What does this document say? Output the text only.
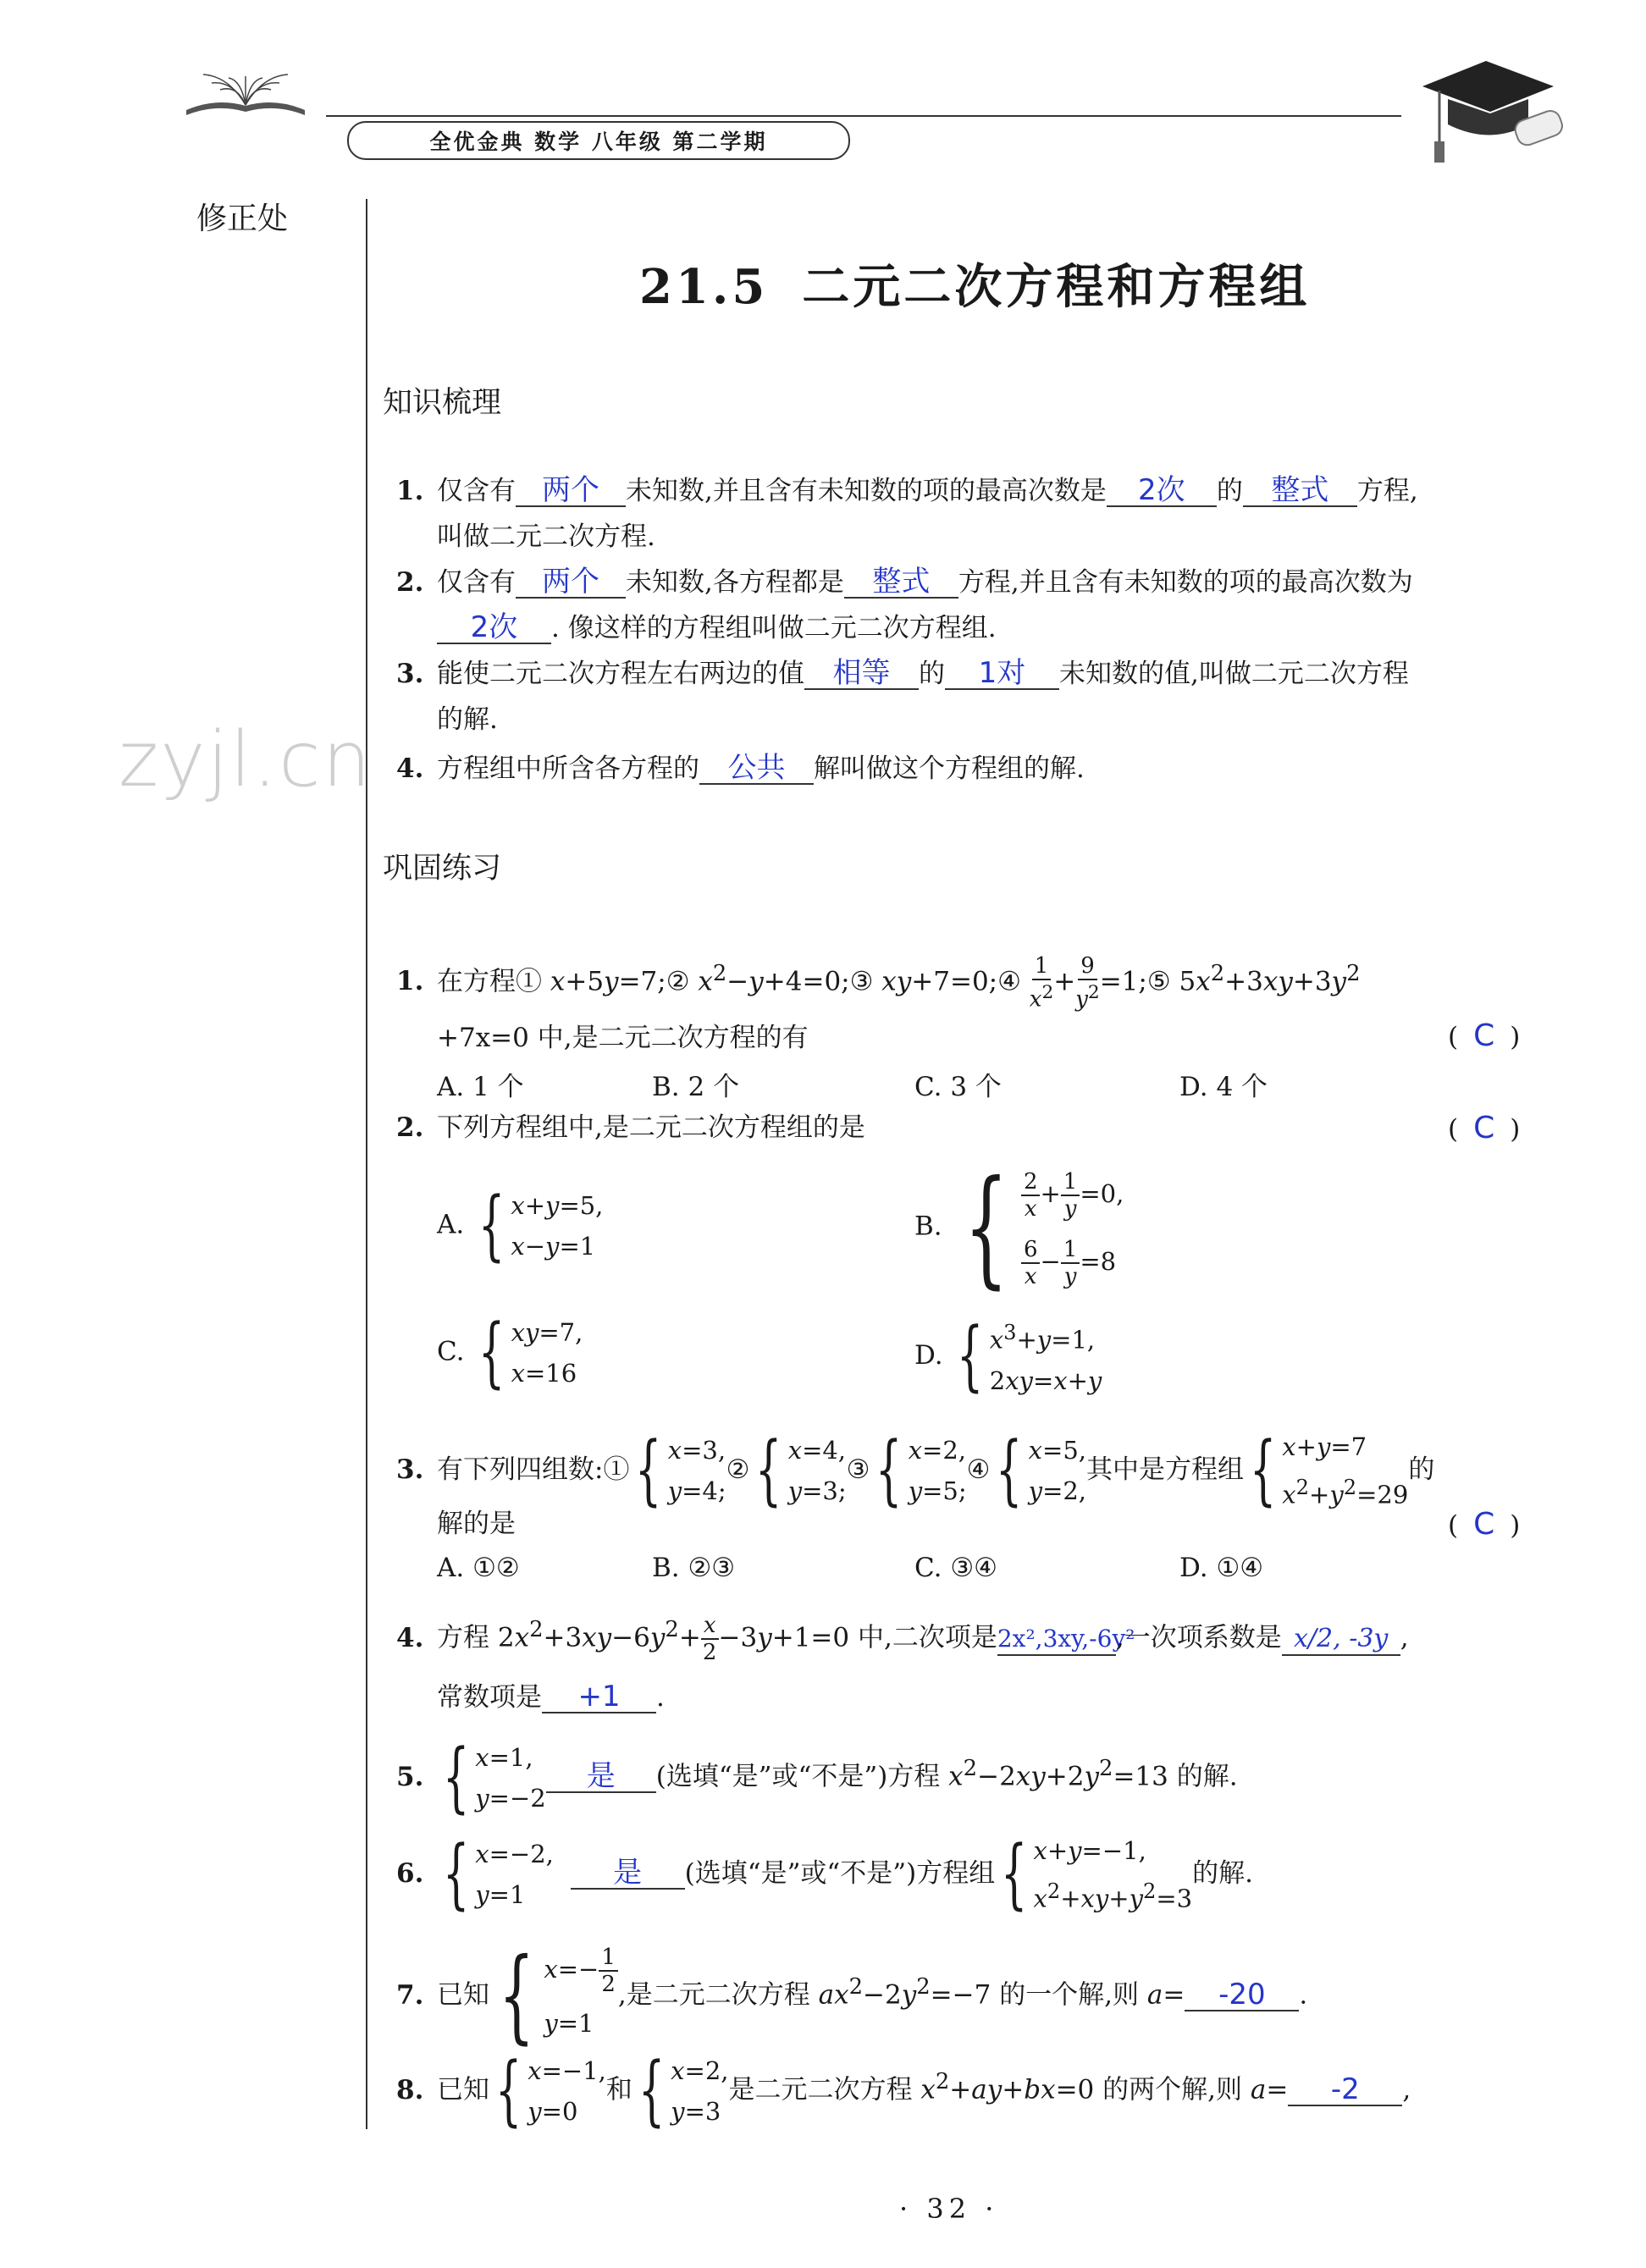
全优金典 数学 八年级 第二学期
修正处
zyjl.cn
21.5 二元二次方程和方程组
知识梳理
1. 仅含有 两个 未知数,并且含有未知数的项的最高次数是 2次 的 整式 方程,
叫做二元二次方程.
2. 仅含有 两个 未知数,各方程都是 整式 方程,并且含有未知数的项的最高次数为
2次 . 像这样的方程组叫做二元二次方程组.
3. 能使二元二次方程左右两边的值 相等 的 1对 未知数的值,叫做二元二次方程
的解.
4. 方程组中所含各方程的 公共 解叫做这个方程组的解.
巩固练习
1. 在方程① x+5y=7;② $x^2-y+4=0;③$ xy+7=0;④ $\frac{1}{x^2} + \frac{9}{y^2}$ =1;⑤ $5x^2+3xy+3y^2$
+7x=0 中,是二元二次方程的有	( C )
A. 1 个	B. 2 个	C. 3 个	D. 4 个
2. 下列方程组中,是二元二次方程组的是	( C )
A. { x+y=5,
x−y=1
B. { $\frac{2}{x} + \frac{1}{y} =0$,
$\frac{6}{x} - \frac{1}{y} =8$
C. { xy=7,
x=16
D. { $x^3+y=1$,
2xy=x+y
3. 有下列四组数:① { x=3,
y=4;
② { x=4,
y=3;
③ { x=2,
y=5;
④ { x=5,
y=2,
其中是方程组 { x+y=7
$x^2+y^2=29$
的
解的是	( C )
A. ①②	B. ②③	C. ③④	D. ①④
4. 方程 $2x^2+3xy-6y^2+ \frac{x}{2} -3y+1=0$ 中,二次项是2x²,3xy,-6y²,一次项系数是 x/2, -3y ,
常数项是 +1 .
5. { x=1,
y=−2
是 (选填“是”或“不是”)方程 $x^2-2xy+2y^2=13$ 的解.
6. { x=−2,
y=1
是 (选填“是”或“不是”)方程组 { x+y=−1,
$x^2+xy+y^2=3$
的解.
7. 已知 { $x=- \frac{1}{2}$
y=1
,是二元二次方程 $ax^2-2y^2=-7$ 的一个解,则 a= -20 .
8. 已知 { x=−1,
y=0
和 { x=2,
y=3
是二元二次方程 $x^2+ay+bx=0$ 的两个解,则 a= -2 ,
· 32 ·
